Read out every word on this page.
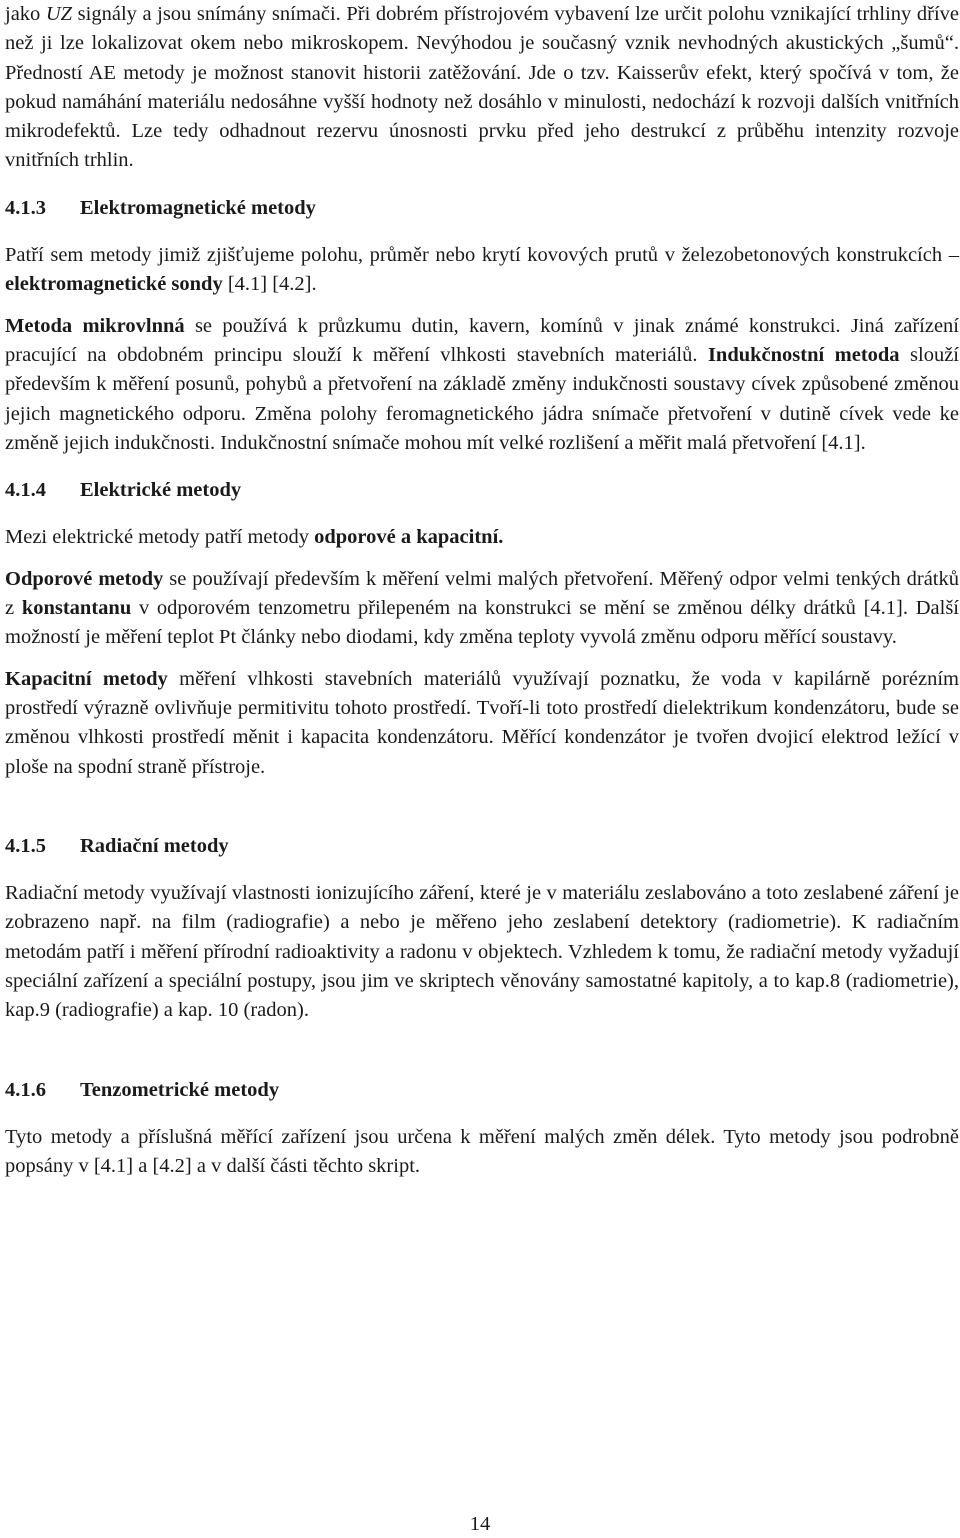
jako UZ signály a jsou snímány snímači. Při dobrém přístrojovém vybavení lze určit polohu vznikající trhliny dříve než ji lze lokalizovat okem nebo mikroskopem. Nevýhodou je současný vznik nevhodných akustických „šumů“. Předností AE metody je možnost stanovit historii zatěžování. Jde o tzv. Kaisserův efekt, který spočívá v tom, že pokud namáhání materiálu nedosáhne vyšší hodnoty než dosáhlo v minulosti, nedochází k rozvoji dalších vnitřních mikrodefektů. Lze tedy odhadnout rezervu únosnosti prvku před jeho destrukcí z průběhu intenzity rozvoje vnitřních trhlin.

4.1.3 Elektromagnetické metody

Patří sem metody jimiž zjišťujeme polohu, průměr nebo krytí kovových prutů v železobetonových konstrukcích – elektromagnetické sondy [4.1] [4.2].

Metoda mikrovlnná se používá k průzkumu dutin, kavern, komínů v jinak známé konstrukci. Jiná zařízení pracující na obdobném principu slouží k měření vlhkosti stavebních materiálů. Indukčnostní metoda slouží především k měření posunů, pohybů a přetvoření na základě změny indukčnosti soustavy cívek způsobené změnou jejich magnetického odporu. Změna polohy feromagnetického jádra snímače přetvoření v dutině cívek vede ke změně jejich indukčnosti. Indukčnostní snímače mohou mít velké rozlišení a měřit malá přetvoření [4.1].

4.1.4 Elektrické metody

Mezi elektrické metody patří metody odporové a kapacitní.

Odporové metody se používají především k měření velmi malých přetvoření. Měřený odpor velmi tenkých drátků z konstantanu v odporovém tenzometru přilepeném na konstrukci se mění se změnou délky drátků [4.1]. Další možností je měření teplot Pt články nebo diodami, kdy změna teploty vyvolá změnu odporu měřící soustavy.

Kapacitní metody měření vlhkosti stavebních materiálů využívají poznatku, že voda v kapilárně porézním prostředí výrazně ovlivňuje permitivitu tohoto prostředí. Tvoří-li toto prostředí dielektrikum kondenzátoru, bude se změnou vlhkosti prostředí měnit i kapacita kondenzátoru. Měřící kondenzátor je tvořen dvojicí elektrod ležící v ploše na spodní straně přístroje.

4.1.5 Radiační metody

Radiační metody využívají vlastnosti ionizujícího záření, které je v materiálu zeslabováno a toto zeslabené záření je zobrazeno např. na film (radiografie) a nebo je měřeno jeho zeslabení detektory (radiometrie). K radiačním metodám patří i měření přírodní radioaktivity a radonu v objektech. Vzhledem k tomu, že radiační metody vyžadují speciální zařízení a speciální postupy, jsou jim ve skriptech věnovány samostatné kapitoly, a to kap.8 (radiometrie), kap.9 (radiografie) a kap. 10 (radon).

4.1.6 Tenzometrické metody

Tyto metody a příslušná měřící zařízení jsou určena k měření malých změn délek. Tyto metody jsou podrobně popsány v [4.1] a [4.2] a v další části těchto skript.

14
